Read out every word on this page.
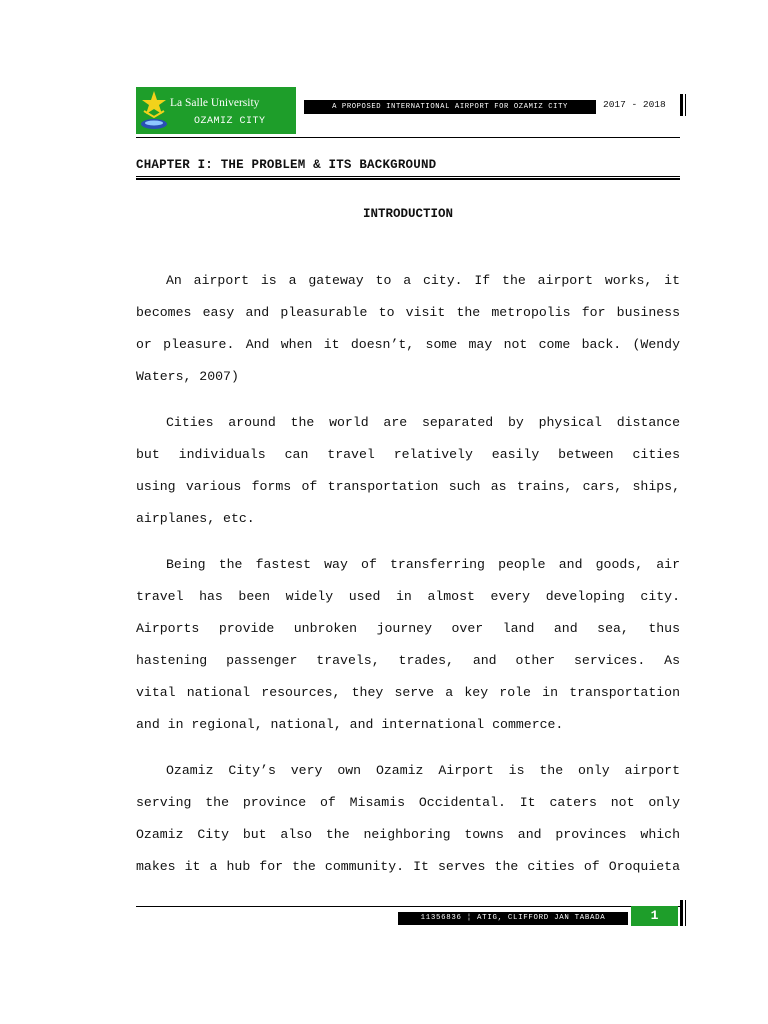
La Salle University
OZAMIZ CITY
A PROPOSED INTERNATIONAL AIRPORT FOR OZAMIZ CITY	2017 - 2018
CHAPTER I: THE PROBLEM & ITS BACKGROUND
INTRODUCTION
An airport is a gateway to a city. If the airport works, it
becomes easy and pleasurable to visit the metropolis for business
or pleasure. And when it doesn’t, some may not come back. (Wendy
Waters, 2007)
Cities around the world are separated by physical distance
but individuals can travel relatively easily between cities
using various forms of transportation such as trains, cars, ships,
airplanes, etc.
Being the fastest way of transferring people and goods, air
travel has been widely used in almost every developing city.
Airports provide unbroken journey over land and sea, thus
hastening passenger travels, trades, and other services. As
vital national resources, they serve a key role in transportation
and in regional, national, and international commerce.
Ozamiz City’s very own Ozamiz Airport is the only airport
serving the province of Misamis Occidental. It caters not only
Ozamiz City but also the neighboring towns and provinces which
makes it a hub for the community. It serves the cities of Oroquieta
11356836 ¦ ATIG, CLIFFORD JAN TABADA	1
